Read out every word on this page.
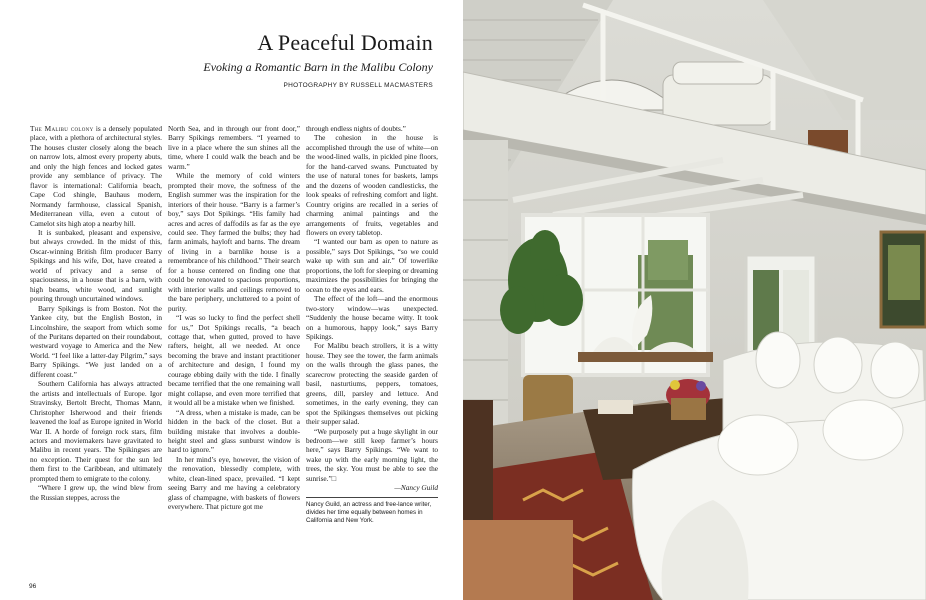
A Peaceful Domain
Evoking a Romantic Barn in the Malibu Colony
PHOTOGRAPHY BY RUSSELL MACMASTERS

The Malibu colony is a densely populated place, with a plethora of architectural styles. The houses cluster closely along the beach on narrow lots, almost every property abuts, and only the high fences and locked gates provide any semblance of privacy. The flavor is international: California beach, Cape Cod shingle, Bauhaus modern, Normandy farmhouse, classical Spanish, Mediterranean villa, even a cutout of Camelot sits high atop a nearby hill.

It is sunbaked, pleasant and expensive, but always crowded. In the midst of this, Oscar-winning British film producer Barry Spikings and his wife, Dot, have created a world of privacy and a sense of spaciousness, in a house that is a barn, with high beams, white wood, and sunlight pouring through uncurtained windows.

Barry Spikings is from Boston. Not the Yankee city, but the English Boston, in Lincolnshire, the seaport from which some of the Puritans departed on their roundabout, westward voyage to America and the New World. “I feel like a latter-day Pilgrim,” says Barry Spikings. “We just landed on a different coast.”

Southern California has always attracted the artists and intellectuals of Europe. Igor Stravinsky, Bertolt Brecht, Thomas Mann, Christopher Isherwood and their friends leavened the loaf as Europe ignited in World War II. A horde of foreign rock stars, film actors and moviemakers have gravitated to Malibu in recent years. The Spikingses are no exception. Their quest for the sun led them first to the Caribbean, and ultimately prompted them to emigrate to the colony.

“Where I grew up, the wind blew from the Russian steppes, across the

North Sea, and in through our front door,” Barry Spikings remembers. “I yearned to live in a place where the sun shines all the time, where I could walk the beach and be warm.”

While the memory of cold winters prompted their move, the softness of the English summer was the inspiration for the interiors of their house. “Barry is a farmer’s boy,” says Dot Spikings. “His family had acres and acres of daffodils as far as the eye could see. They farmed the bulbs; they had farm animals, hayloft and barns. The dream of living in a barnlike house is a remembrance of his childhood.” Their search for a house centered on finding one that could be renovated to spacious proportions, with interior walls and ceilings removed to the bare periphery, uncluttered to a point of purity.

“I was so lucky to find the perfect shell for us,” Dot Spikings recalls, “a beach cottage that, when gutted, proved to have rafters, height, all we needed. At once becoming the brave and instant practitioner of architecture and design, I found my courage ebbing daily with the tide. I finally became terrified that the one remaining wall might collapse, and even more terrified that it would all be a mistake when we finished.

“A dress, when a mistake is made, can be hidden in the back of the closet. But a building mistake that involves a double-height steel and glass sunburst window is hard to ignore.”

In her mind’s eye, however, the vision of the renovation, blessedly complete, with white, clean-lined space, prevailed. “I kept seeing Barry and me having a celebratory glass of champagne, with baskets of flowers everywhere. That picture got me

through endless nights of doubts.”

The cohesion in the house is accomplished through the use of white—on the wood-lined walls, in pickled pine floors, for the hand-carved swans. Punctuated by the use of natural tones for baskets, lamps and the dozens of wooden candlesticks, the look speaks of refreshing comfort and light. Country origins are recalled in a series of charming animal paintings and the arrangements of fruits, vegetables and flowers on every tabletop.

“I wanted our barn as open to nature as possible,” says Dot Spikings, “so we could wake up with sun and air.” Of towerlike proportions, the loft for sleeping or dreaming maximizes the possibilities for bringing the ocean to the eyes and ears.

The effect of the loft—and the enormous two-story window—was unexpected. “Suddenly the house became witty. It took on a humorous, happy look,” says Barry Spikings.

For Malibu beach strollers, it is a witty house. They see the tower, the farm animals on the walls through the glass panes, the scarecrow protecting the seaside garden of basil, nasturtiums, peppers, tomatoes, greens, dill, parsley and lettuce. And sometimes, in the early evening, they can spot the Spikingses themselves out picking their supper salad.

“We purposely put a huge skylight in our bedroom—we still keep farmer’s hours here,” says Barry Spikings. “We want to wake up with the early morning light, the trees, the sky. You must be able to see the sunrise.”□

—Nancy Guild
Nancy Guild, an actress and free-lance writer, divides her time equally between homes in California and New York.
96
